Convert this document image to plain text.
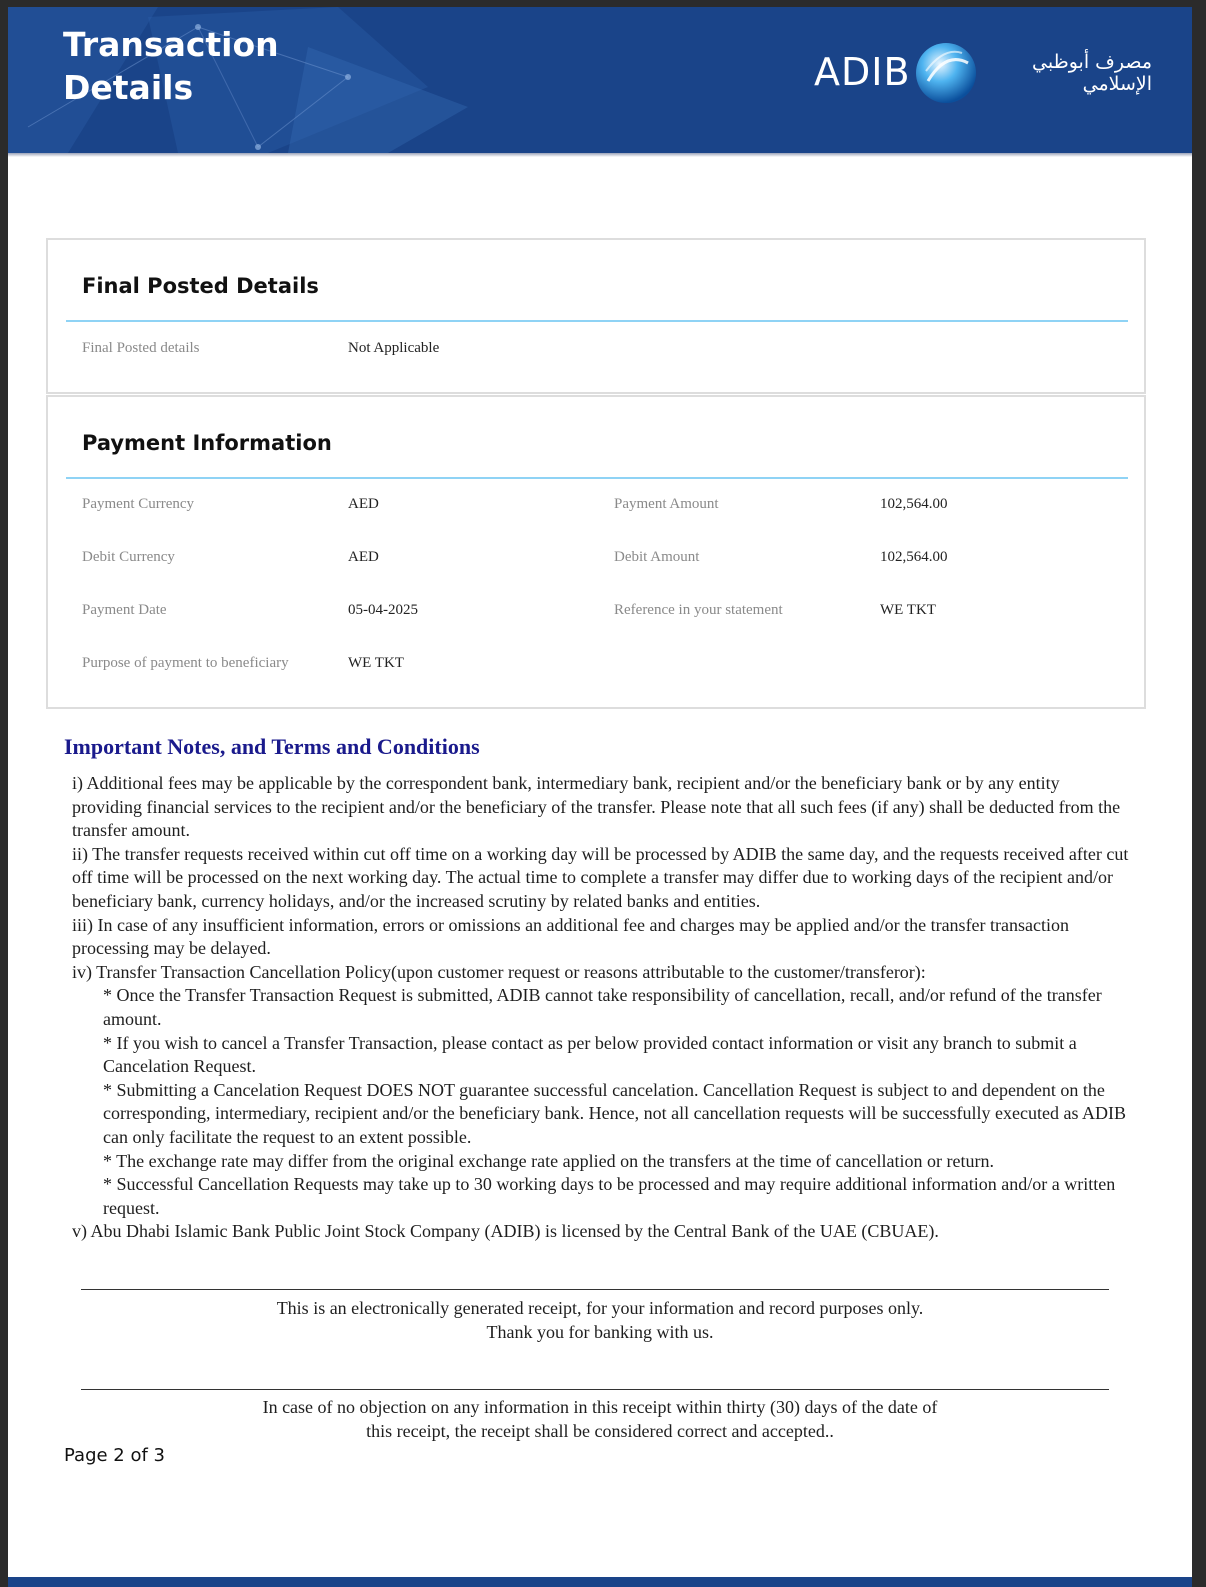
Transaction
Details	ADIB	مصرف أبوظبي
الإسلامي
Final Posted Details
Final Posted details	Not Applicable
Payment Information
Payment Currency	AED	Payment Amount	102,564.00
Debit Currency	AED	Debit Amount	102,564.00
Payment Date	05-04-2025	Reference in your statement	WE TKT
Purpose of payment to beneficiary	WE TKT
Important Notes, and Terms and Conditions

i) Additional fees may be applicable by the correspondent bank, intermediary bank, recipient and/or the beneficiary bank or by any entity providing financial services to the recipient and/or the beneficiary of the transfer. Please note that all such fees (if any) shall be deducted from the transfer amount.

ii) The transfer requests received within cut off time on a working day will be processed by ADIB the same day, and the requests received after cut off time will be processed on the next working day. The actual time to complete a transfer may differ due to working days of the recipient and/or beneficiary bank, currency holidays, and/or the increased scrutiny by related banks and entities.

iii) In case of any insufficient information, errors or omissions an additional fee and charges may be applied and/or the transfer transaction processing may be delayed.

iv) Transfer Transaction Cancellation Policy(upon customer request or reasons attributable to the customer/transferor):

* Once the Transfer Transaction Request is submitted, ADIB cannot take responsibility of cancellation, recall, and/or refund of the transfer amount.

* If you wish to cancel a Transfer Transaction, please contact as per below provided contact information or visit any branch to submit a Cancelation Request.

* Submitting a Cancelation Request DOES NOT guarantee successful cancelation. Cancellation Request is subject to and dependent on the corresponding, intermediary, recipient and/or the beneficiary bank. Hence, not all cancellation requests will be successfully executed as ADIB can only facilitate the request to an extent possible.

* The exchange rate may differ from the original exchange rate applied on the transfers at the time of cancellation or return.

* Successful Cancellation Requests may take up to 30 working days to be processed and may require additional information and/or a written request.

v) Abu Dhabi Islamic Bank Public Joint Stock Company (ADIB) is licensed by the Central Bank of the UAE (CBUAE).

This is an electronically generated receipt, for your information and record purposes only.
Thank you for banking with us.
In case of no objection on any information in this receipt within thirty (30) days of the date of
this receipt, the receipt shall be considered correct and accepted..
Page 2 of 3
